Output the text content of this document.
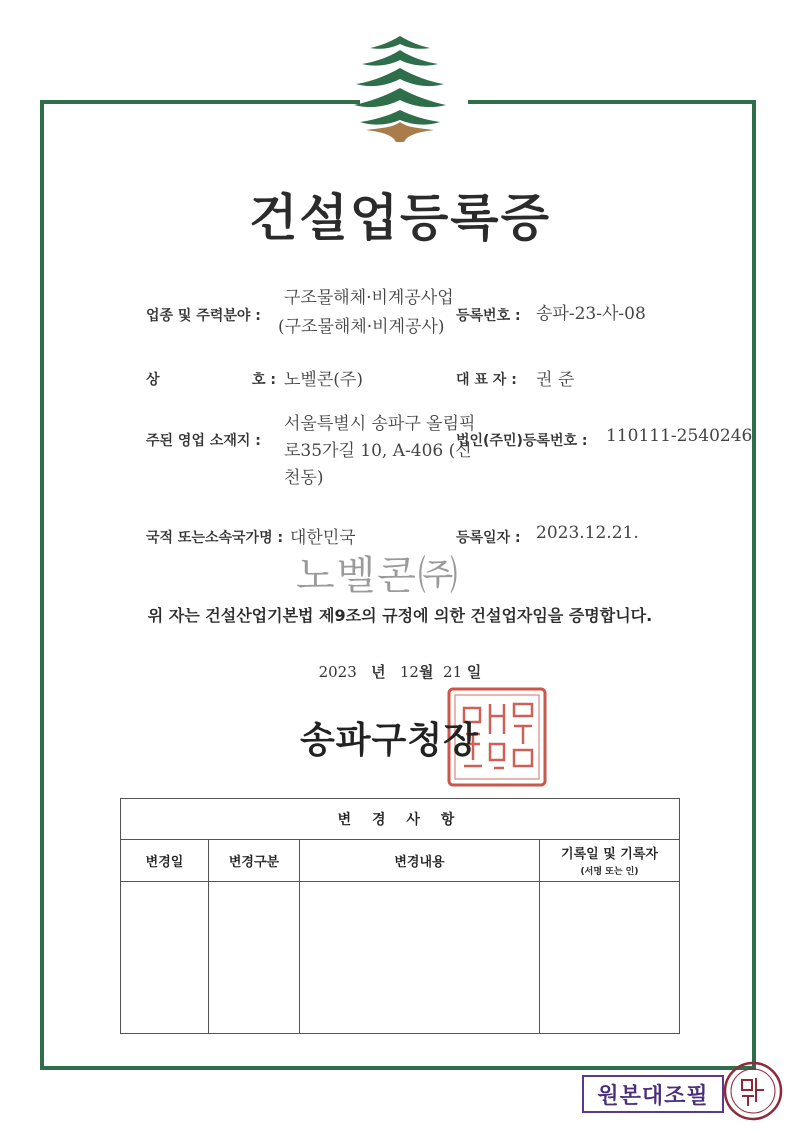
건설업등록증
업종 및 주력분야 :
구조물해체·비계공사업
(구조물해체·비계공사)
등록번호 : 송파-23-사-08
상	호 : 노벨콘(주)	대 표 자 : 권 준
주된 영업 소재지 :
서울특별시 송파구 올림픽
로35가길 10, A-406 (신
천동)
법인(주민)등록번호 : 110111-2540246
국적 또는소속국가명 : 대한민국	등록일자 : 2023.12.21.
노벨콘㈜
위 자는 건설산업기본법 제9조의 규정에 의한 건설업자임을 증명합니다.
2023 년 12월 21 일
송파구청장
변 경 사 항
변경일	변경구분	변경내용	기록일 및 기록자
(서명 또는 인)
원본대조필
